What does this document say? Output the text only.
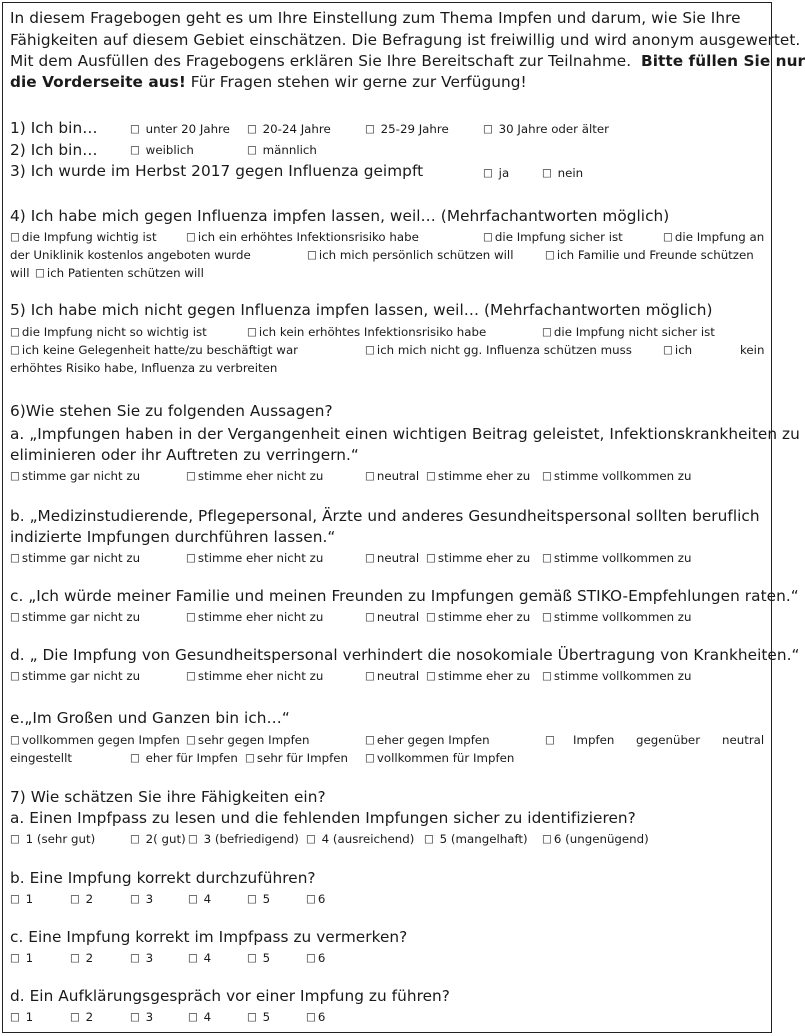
In diesem Fragebogen geht es um Ihre Einstellung zum Thema Impfen und darum, wie Sie Ihre
Fähigkeiten auf diesem Gebiet einschätzen. Die Befragung ist freiwillig und wird anonym ausgewertet.
Mit dem Ausfüllen des Fragebogens erklären Sie Ihre Bereitschaft zur Teilnahme. Bitte füllen Sie nur
die Vorderseite aus! Für Fragen stehen wir gerne zur Verfügung!
1) Ich bin…	□ unter 20 Jahre □ 20-24 Jahre	□ 25-29 Jahre	□ 30 Jahre oder älter
2) Ich bin…	□ weiblich	□ männlich
3) Ich wurde im Herbst 2017 gegen Influenza geimpft	□ ja	□ nein
4) Ich habe mich gegen Influenza impfen lassen, weil… (Mehrfachantworten möglich)
□ die Impfung wichtig ist	□ ich ein erhöhtes Infektionsrisiko habe	□ die Impfung sicher ist	□ die Impfung an
der Uniklinik kostenlos angeboten wurde	□ ich mich persönlich schützen will	□ ich Familie und Freunde schützen
will □ ich Patienten schützen will
5) Ich habe mich nicht gegen Influenza impfen lassen, weil… (Mehrfachantworten möglich)
□ die Impfung nicht so wichtig ist	□ ich kein erhöhtes Infektionsrisiko habe	□ die Impfung nicht sicher ist
□ ich keine Gelegenheit hatte/zu beschäftigt war	□ ich mich nicht gg. Influenza schützen muss	□ ich	kein
erhöhtes Risiko habe, Influenza zu verbreiten
6)Wie stehen Sie zu folgenden Aussagen?
a. „Impfungen haben in der Vergangenheit einen wichtigen Beitrag geleistet, Infektionskrankheiten zu
eliminieren oder ihr Auftreten zu verringern.“
□ stimme gar nicht zu	□ stimme eher nicht zu	□ neutral □ stimme eher zu □ stimme vollkommen zu
b. „Medizinstudierende, Pflegepersonal, Ärzte und anderes Gesundheitspersonal sollten beruflich
indizierte Impfungen durchführen lassen.“
□ stimme gar nicht zu	□ stimme eher nicht zu	□ neutral □ stimme eher zu □ stimme vollkommen zu
c. „Ich würde meiner Familie und meinen Freunden zu Impfungen gemäß STIKO-Empfehlungen raten.“
□ stimme gar nicht zu	□ stimme eher nicht zu	□ neutral □ stimme eher zu □ stimme vollkommen zu
d. „ Die Impfung von Gesundheitspersonal verhindert die nosokomiale Übertragung von Krankheiten.“
□ stimme gar nicht zu	□ stimme eher nicht zu	□ neutral □ stimme eher zu □ stimme vollkommen zu
e.„Im Großen und Ganzen bin ich…“
□ vollkommen gegen Impfen □ sehr gegen Impfen	□ eher gegen Impfen	□ Impfen gegenüber neutral
eingestellt	□ eher für Impfen □ sehr für Impfen □ vollkommen für Impfen
7) Wie schätzen Sie ihre Fähigkeiten ein?
a. Einen Impfpass zu lesen und die fehlenden Impfungen sicher zu identifizieren?
□ 1 (sehr gut)	□ 2( gut) □ 3 (befriedigend) □ 4 (ausreichend) □ 5 (mangelhaft) □ 6 (ungenügend)
b. Eine Impfung korrekt durchzuführen?
□ 1	□ 2	□ 3	□ 4	□ 5	□ 6
c. Eine Impfung korrekt im Impfpass zu vermerken?
□ 1	□ 2	□ 3	□ 4	□ 5	□ 6
d. Ein Aufklärungsgespräch vor einer Impfung zu führen?
□ 1	□ 2	□ 3	□ 4	□ 5	□ 6
